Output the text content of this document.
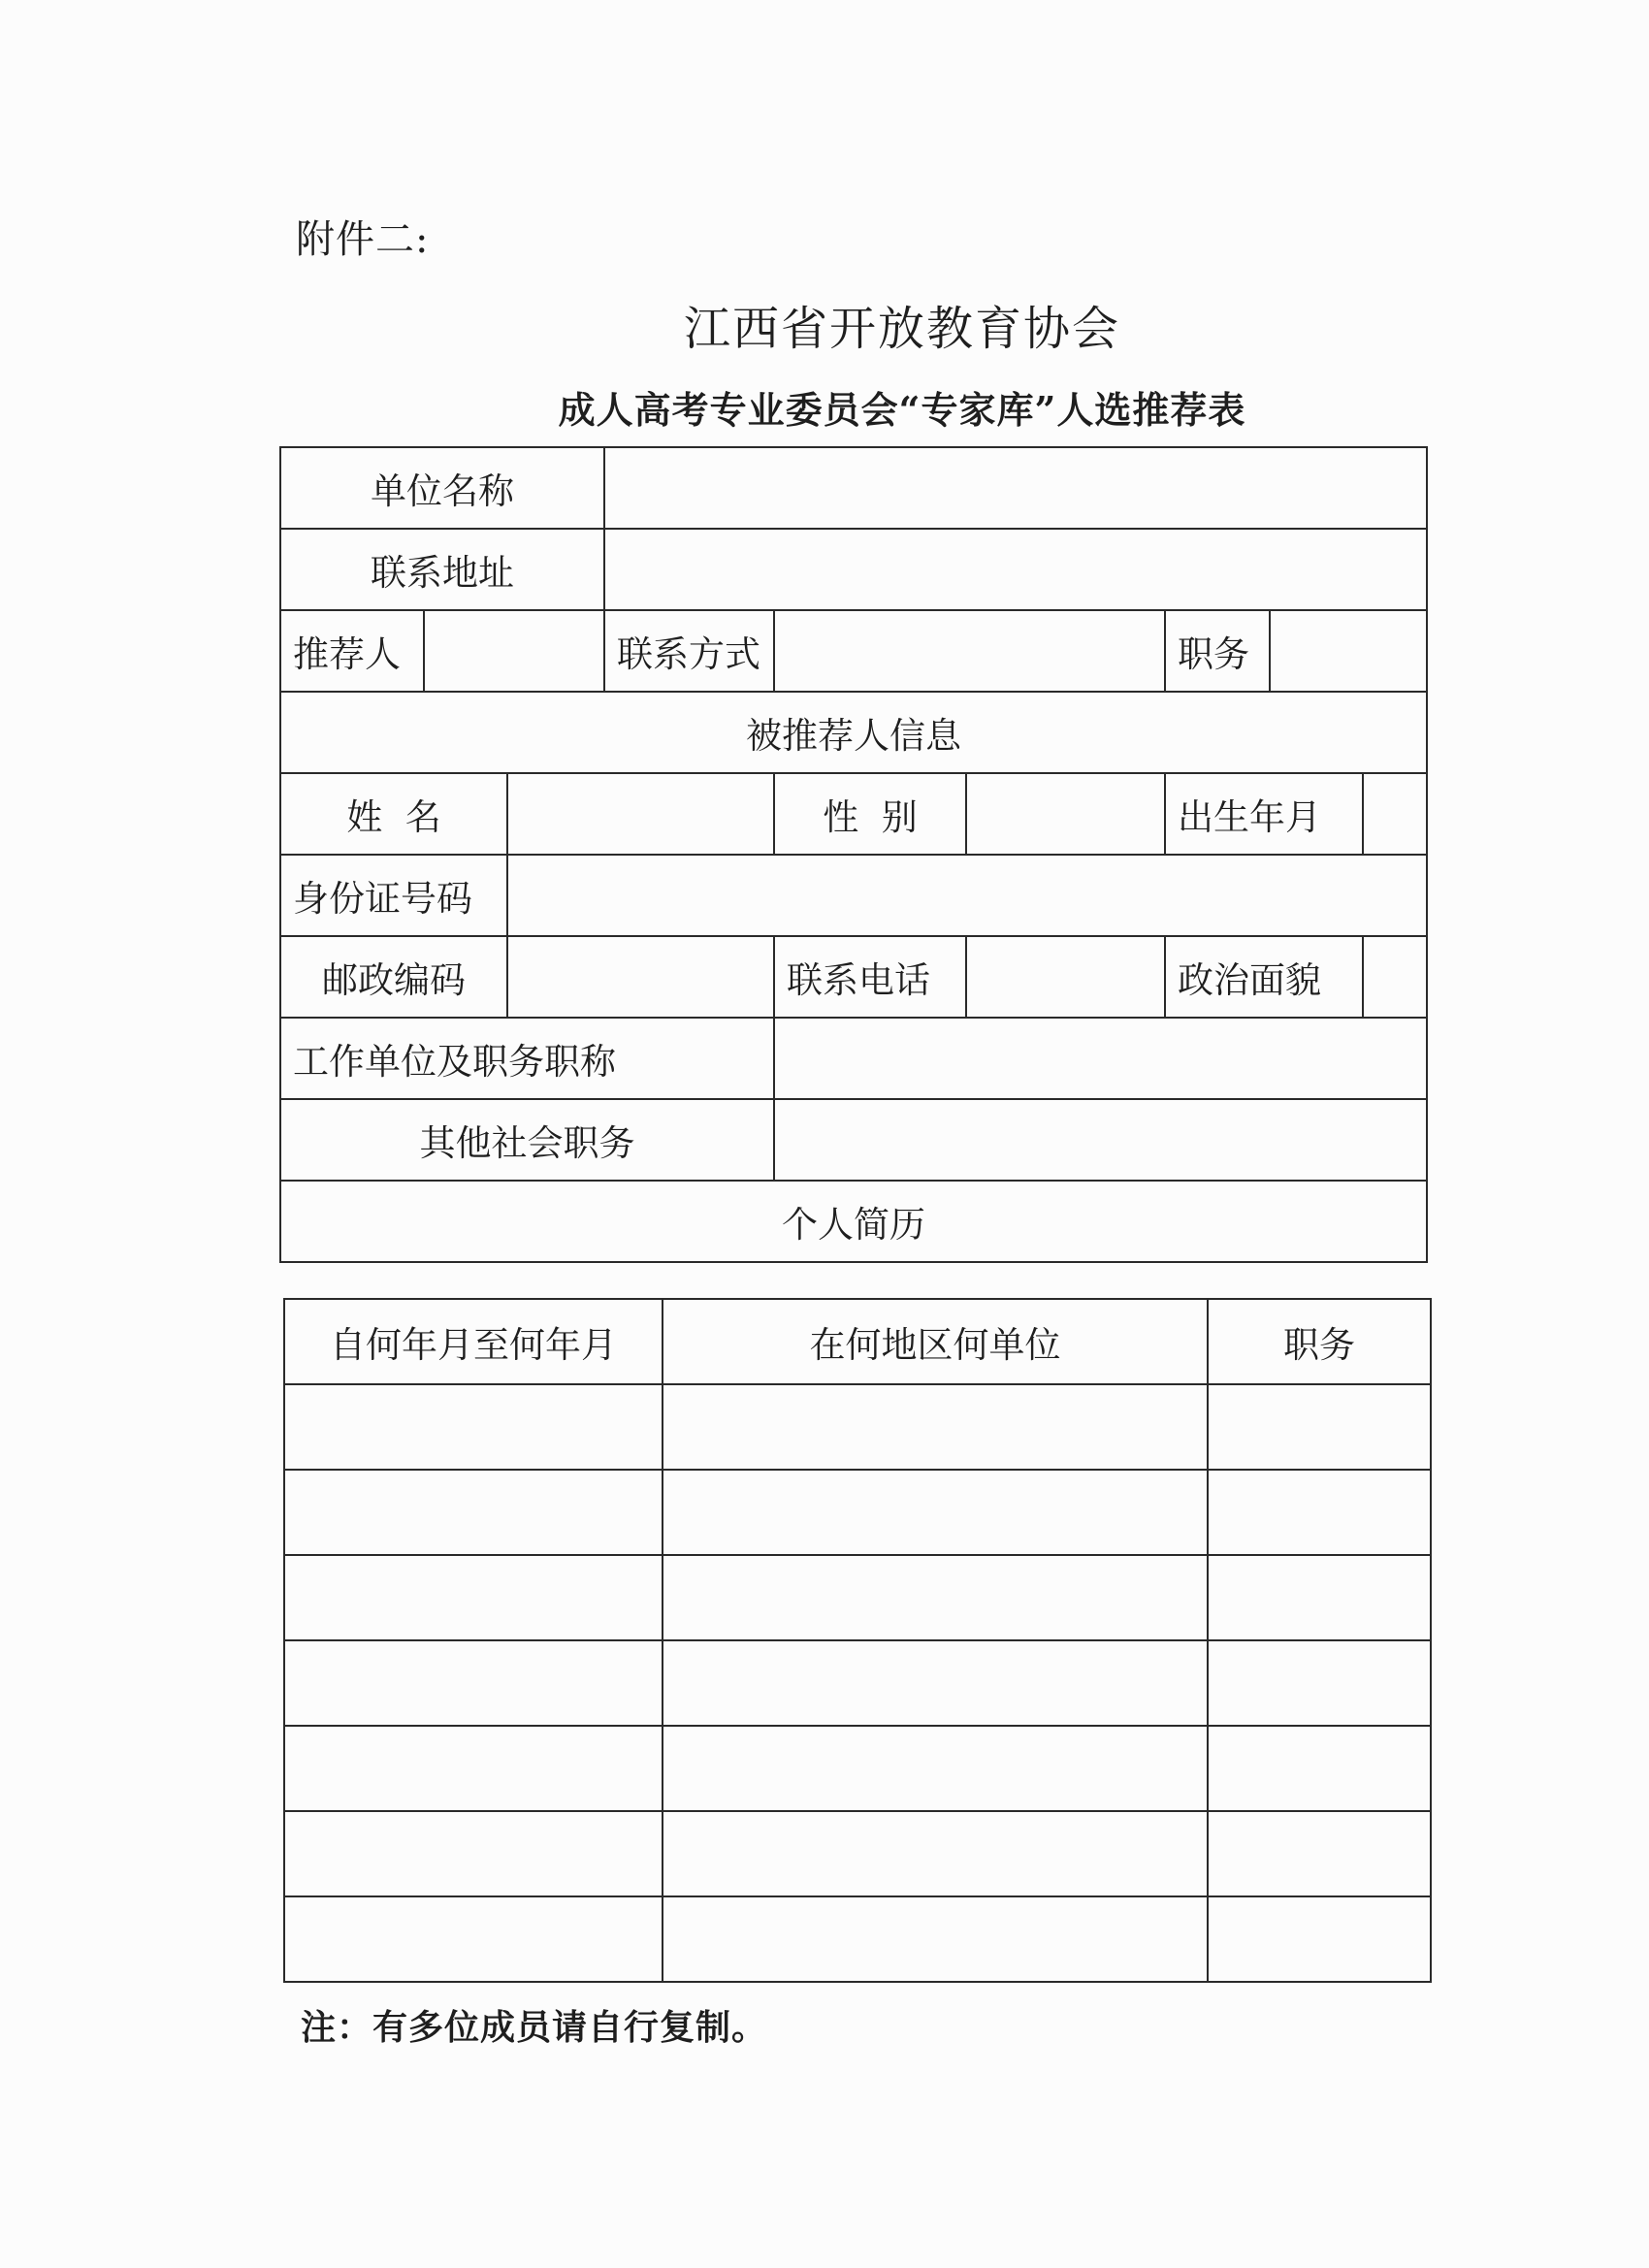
附件二:
江西省开放教育协会
成人高考专业委员会“专家库”人选推荐表
单位名称							
联系地址							
推荐人			联系方式			职务	
被推荐人信息							
姓  名				性  别		出生年月	

身份证号码							
邮政编码				联系电话		政治面貌	

工作单位及职务职称							
其他社会职务							
个人简历							
自何年月至何年月	在何地区何单位	职务

注：有多位成员请自行复制。
